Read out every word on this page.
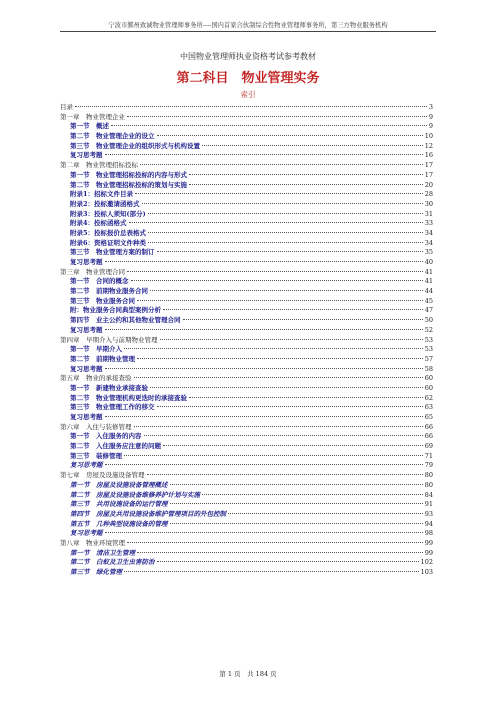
宁波市鄞州致诚物业管理师事务所----国内首家合伙制综合性物业管理师事务所，第三方物业服务机构
中国物业管理师执业资格考试参考教材
第二科目　物业管理实务
索引
目录	3
第一章　物业管理企业	9
第一节　概述	9
第二节　物业管理企业的设立	10
第三节　物业管理企业的组织形式与机构设置	12
复习思考题	16
第二章　物业管理招标投标	17
第一节　物业管理招标投标的内容与形式	17
第二节　物业管理招标投标的策划与实施	20
附录1：招标文件目录	28
附录2：投标邀请函格式	30
附录3：投标人须知(部分)	31
附录4：投标函格式	33
附录5：投标报价总表格式	34
附录6：资格证明文件种类	34
第三节　物业管理方案的制订	35
复习思考题	40
第三章　物业管理合同	41
第一节　合同的概念	41
第二节　前期物业服务合同	44
第三节　物业服务合同	45
附：物业服务合同典型案例分析	47
第四节　业主公约和其他物业管理合同	50
复习思考题	52
第四章　早期介入与前期物业管理	53
第一节　早期介入	53
第二节　前期物业管理	57
复习思考题	58
第五章　物业的承接查验	60
第一节　新建物业承接查验	60
第二节　物业管理机构更迭时的承接查验	62
第三节　物业管理工作的移交	63
复习思考题	65
第六章　入住与装修管理	66
第一节　入住服务的内容	66
第二节　入住服务应注意的问题	69
第三节　装修管理	71
复习思考题	79
第七章　房屋及设施设备管理	80
第一节　房屋及设施设备管理概述	80
第二节　房屋及设施设备维修养护计划与实施	84
第三节　共用设施设备的运行管理	91
第四节　房屋及共用设施设备维护管理项目的外包控制	93
第五节　几种典型设施设备的管理	94
复习思考题	98
第八章　物业环境管理	99
第一节　清洁卫生管理	99
第二节　白蚁及卫生虫害防治	102
第三节　绿化管理	103
第 1 页　共 184 页
